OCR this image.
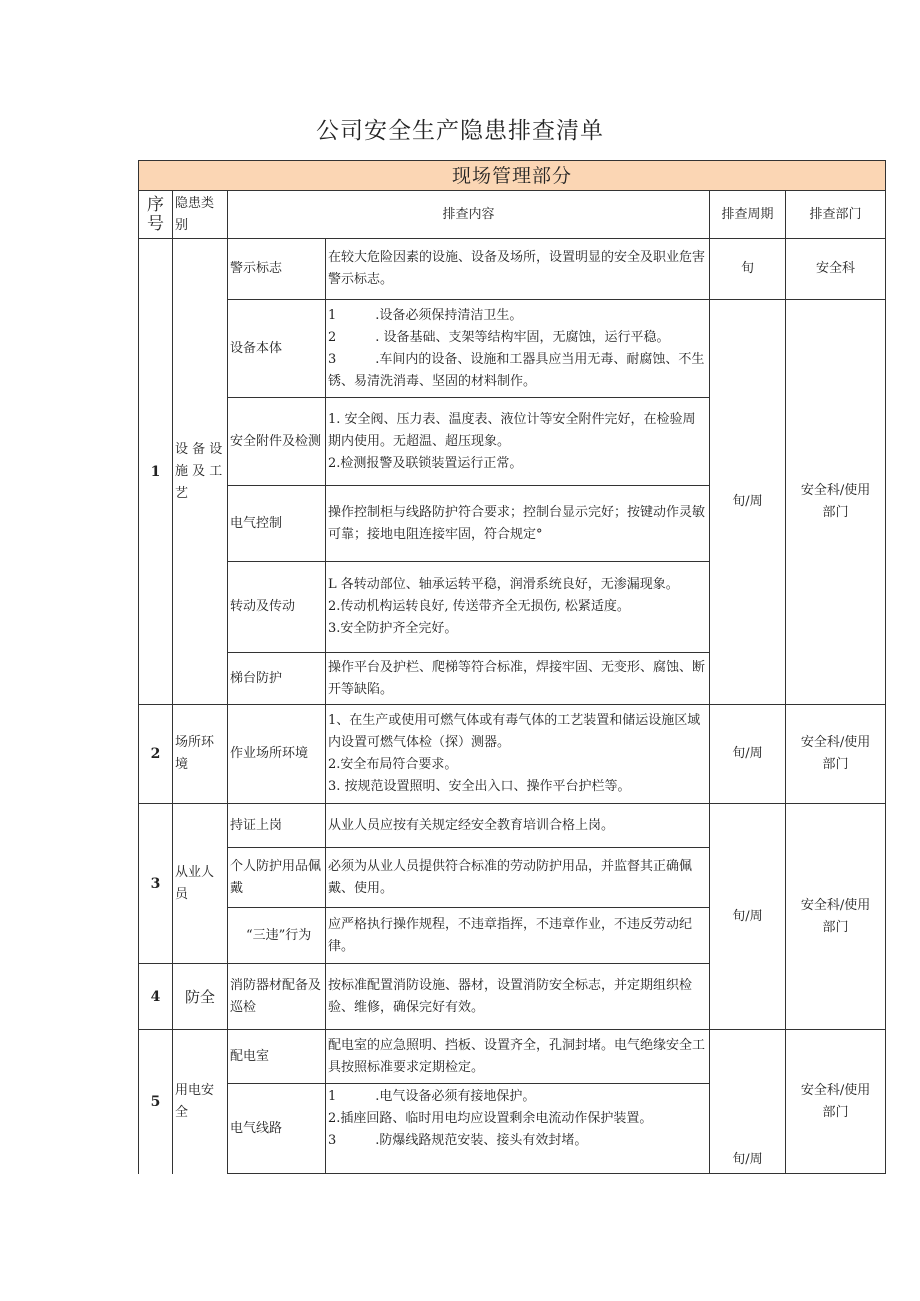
公司安全生产隐患排查清单
现场管理部分					
序号	隐患类别	排查内容		排查周期	排查部门
1	设 备 设施 及 工艺	警示标志	在较大危险因素的设施、设备及场所，设置明显的安全及职业危害警示标志。	旬	安全科
		设备本体	1　　　.设备必须保持清洁卫生。
2　　　. 设备基础、支架等结构牢固，无腐蚀，运行平稳。
3　　　.车间内的设备、设施和工器具应当用无毒、耐腐蚀、不生锈、易清洗消毒、坚固的材料制作。	旬/周	安全科/使用部门
		安全附件及检测	1. 安全阀、压力表、温度表、液位计等安全附件完好，在检验周期内使用。无超温、超压现象。
2.检测报警及联锁装置运行正常。		

		电气控制	操作控制柜与线路防护符合要求；控制台显示完好；按键动作灵敏可靠；接地电阻连接牢固，符合规定°		

		转动及传动	L 各转动部位、轴承运转平稳，润滑系统良好，无渗漏现象。
2.传动机构运转良好, 传送带齐全无损伤, 松紧适度。
3.安全防护齐全完好。		

		梯台防护	操作平台及护栏、爬梯等符合标准，焊接牢固、无变形、腐蚀、断开等缺陷。		

2	场所环境	作业场所环境	1、在生产或使用可燃气体或有毒气体的工艺装置和储运设施区域内设置可燃气体检（探）测器。
2.安全布局符合要求。
3. 按规范设置照明、安全出入口、操作平台护栏等。	旬/周	安全科/使用部门
3	从业人员	持证上岗	从业人员应按有关规定经安全教育培训合格上岗。	旬/周	安全科/使用部门
		个人防护用品佩戴	必须为从业人员提供符合标准的劳动防护用品，并监督其正确佩戴、使用。		

		“三违”行为	应严格执行操作规程，不违章指挥，不违章作业，不违反劳动纪律。		

4	防全	消防器材配备及巡检	按标准配置消防设施、器材，设置消防安全标志，并定期组织检验、维修，确保完好有效。		

5	用电安全	配电室	配电室的应急照明、挡板、设置齐全，孔洞封堵。电气绝缘安全工具按照标准要求定期检定。	旬/周	安全科/使用部门
		电气线路	1　　　.电气设备必须有接地保护。
2.插座回路、临时用电均应设置剩余电流动作保护装置。
3　　　.防爆线路规范安装、接头有效封堵。		
